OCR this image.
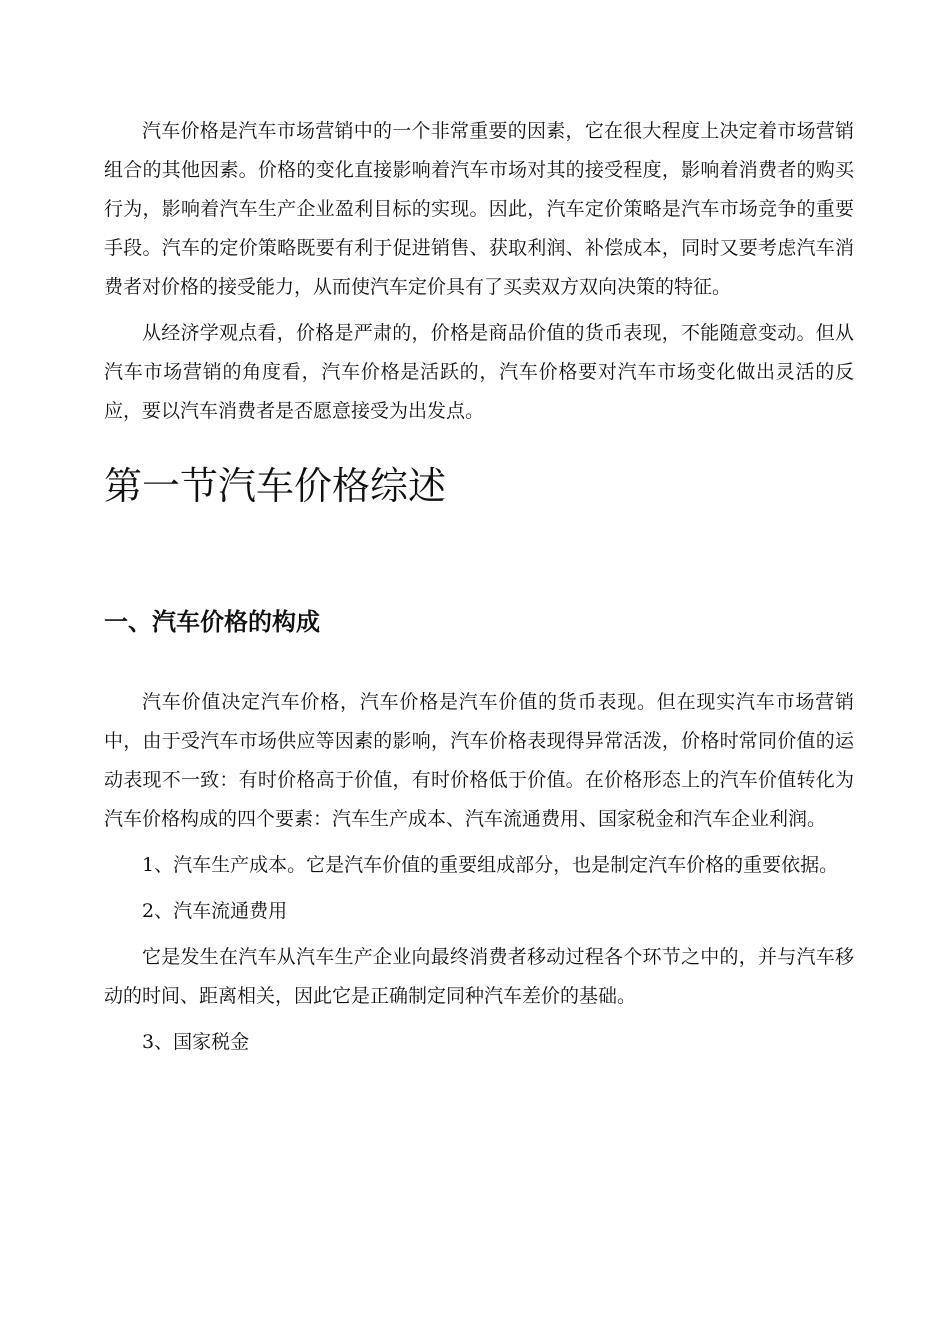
汽车价格是汽车市场营销中的一个非常重要的因素，它在很大程度上决定着市场营销组合的其他因素。价格的变化直接影响着汽车市场对其的接受程度，影响着消费者的购买行为，影响着汽车生产企业盈利目标的实现。因此，汽车定价策略是汽车市场竞争的重要手段。汽车的定价策略既要有利于促进销售、获取利润、补偿成本，同时又要考虑汽车消费者对价格的接受能力，从而使汽车定价具有了买卖双方双向决策的特征。

从经济学观点看，价格是严肃的，价格是商品价值的货币表现，不能随意变动。但从汽车市场营销的角度看，汽车价格是活跃的，汽车价格要对汽车市场变化做出灵活的反应，要以汽车消费者是否愿意接受为出发点。

第一节汽车价格综述
一、汽车价格的构成

汽车价值决定汽车价格，汽车价格是汽车价值的货币表现。但在现实汽车市场营销中，由于受汽车市场供应等因素的影响，汽车价格表现得异常活泼，价格时常同价值的运动表现不一致：有时价格高于价值，有时价格低于价值。在价格形态上的汽车价值转化为汽车价格构成的四个要素：汽车生产成本、汽车流通费用、国家税金和汽车企业利润。

1、汽车生产成本。它是汽车价值的重要组成部分，也是制定汽车价格的重要依据。

2、汽车流通费用

它是发生在汽车从汽车生产企业向最终消费者移动过程各个环节之中的，并与汽车移动的时间、距离相关，因此它是正确制定同种汽车差价的基础。

3、国家税金
